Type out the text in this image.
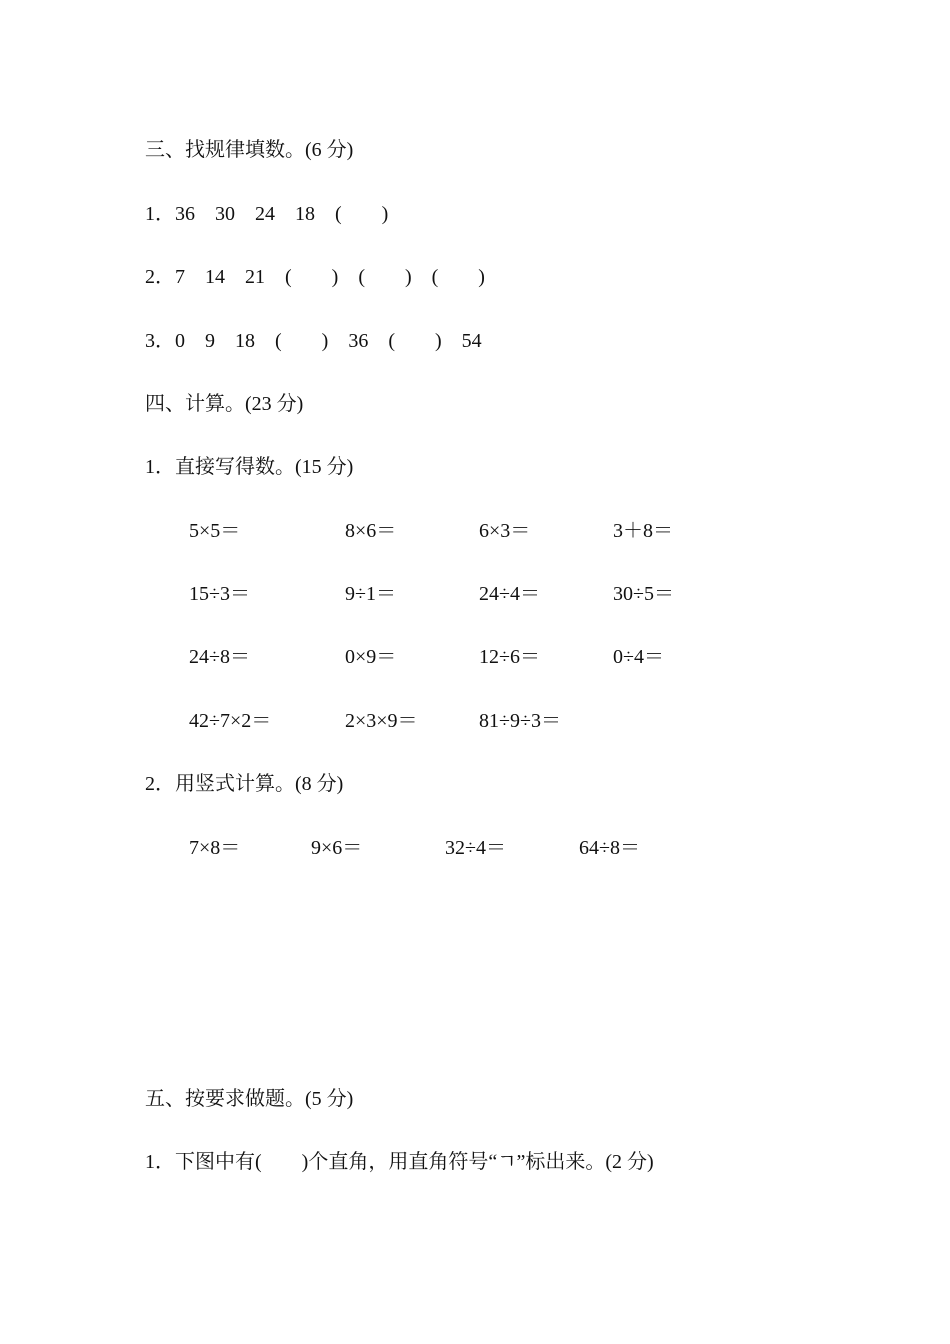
三、找规律填数。(6 分)
1．36　30　24　18　(　　)
2．7　14　21　(　　)　(　　)　(　　)
3．0　9　18　(　　)　36　(　　)　54
四、计算。(23 分)
1．直接写得数。(15 分)
5×5＝	8×6＝	6×3＝	3＋8＝
15÷3＝	9÷1＝	24÷4＝	30÷5＝
24÷8＝	0×9＝	12÷6＝	0÷4＝
42÷7×2＝	2×3×9＝	81÷9÷3＝
2．用竖式计算。(8 分)
7×8＝	9×6＝	32÷4＝	64÷8＝
五、按要求做题。(5 分)
1．下图中有(　　)个直角，用直角符号“ㄱ”标出来。(2 分)
